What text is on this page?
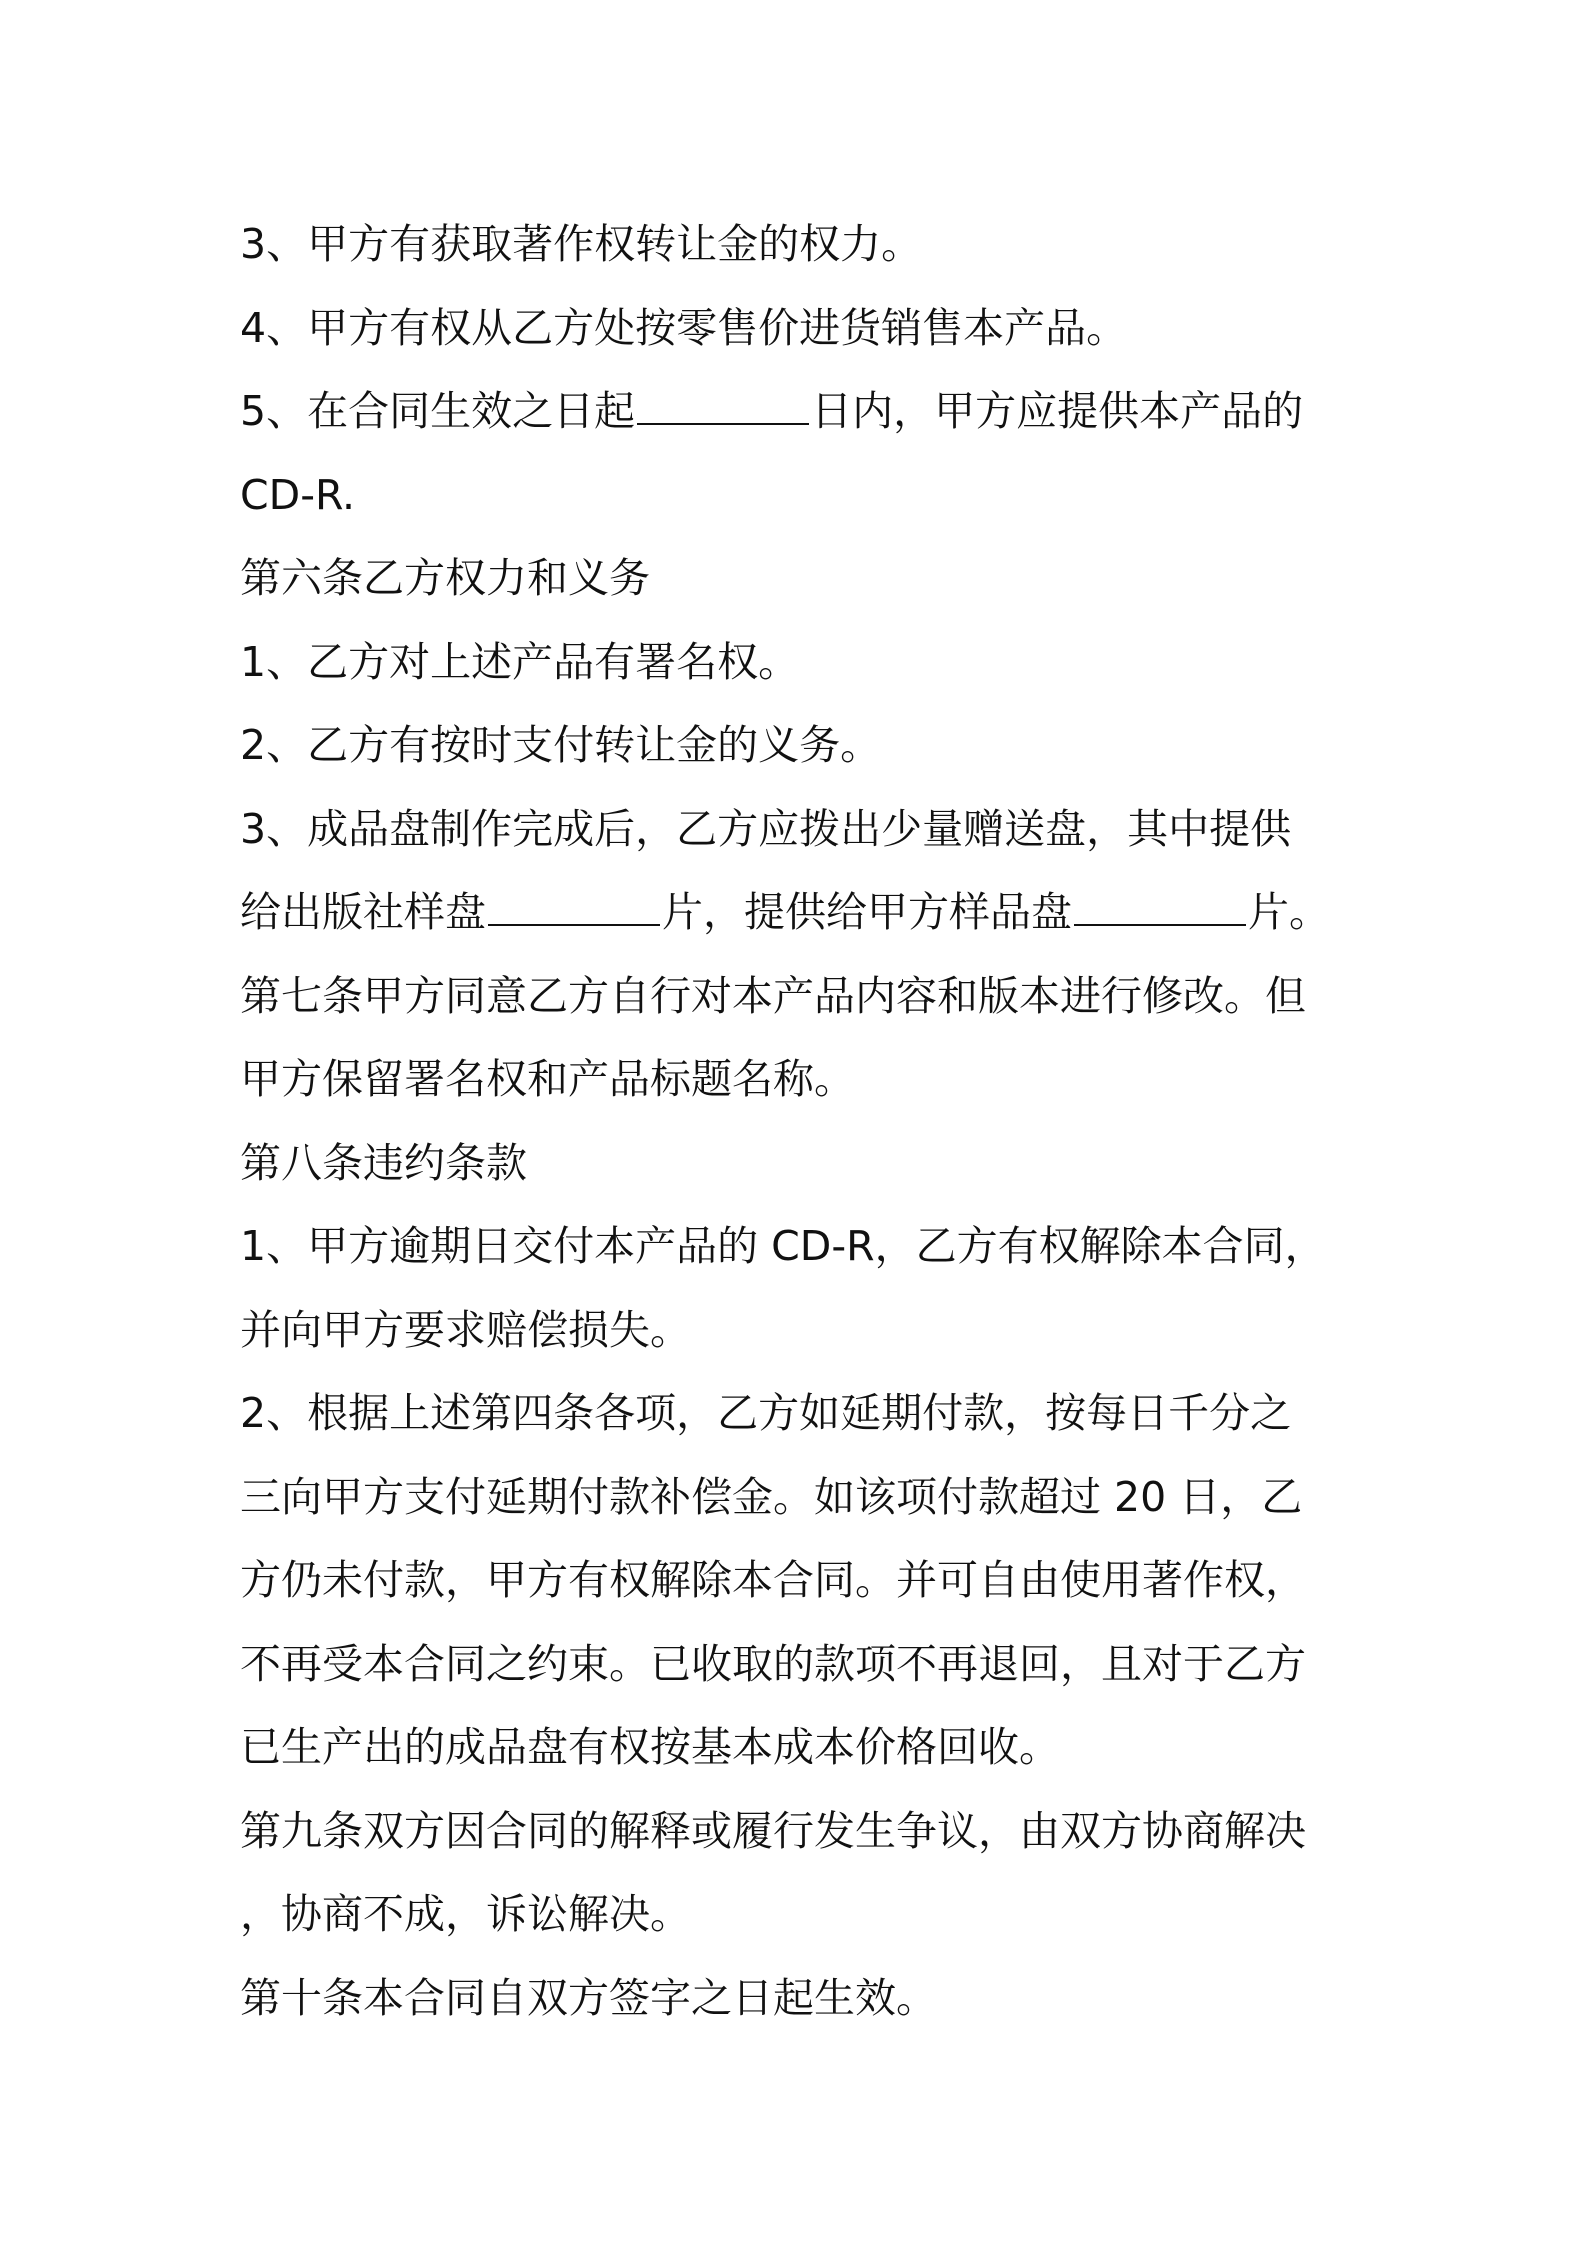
3、甲方有获取著作权转让金的权力。
4、甲方有权从乙方处按零售价进货销售本产品。
5、在合同生效之日起	日内，甲方应提供本产品的
CD-R.
第六条乙方权力和义务
1、乙方对上述产品有署名权。
2、乙方有按时支付转让金的义务。
3、成品盘制作完成后，乙方应拨出少量赠送盘，其中提供
给出版社样盘	片，提供给甲方样品盘	片。
第七条甲方同意乙方自行对本产品内容和版本进行修改。但
甲方保留署名权和产品标题名称。
第八条违约条款
1、甲方逾期日交付本产品的 CD-R，乙方有权解除本合同，
并向甲方要求赔偿损失。
2、根据上述第四条各项，乙方如延期付款，按每日千分之
三向甲方支付延期付款补偿金。如该项付款超过 20 日，乙
方仍未付款，甲方有权解除本合同。并可自由使用著作权，
不再受本合同之约束。已收取的款项不再退回，且对于乙方
已生产出的成品盘有权按基本成本价格回收。
第九条双方因合同的解释或履行发生争议，由双方协商解决
，协商不成，诉讼解决。
第十条本合同自双方签字之日起生效。
